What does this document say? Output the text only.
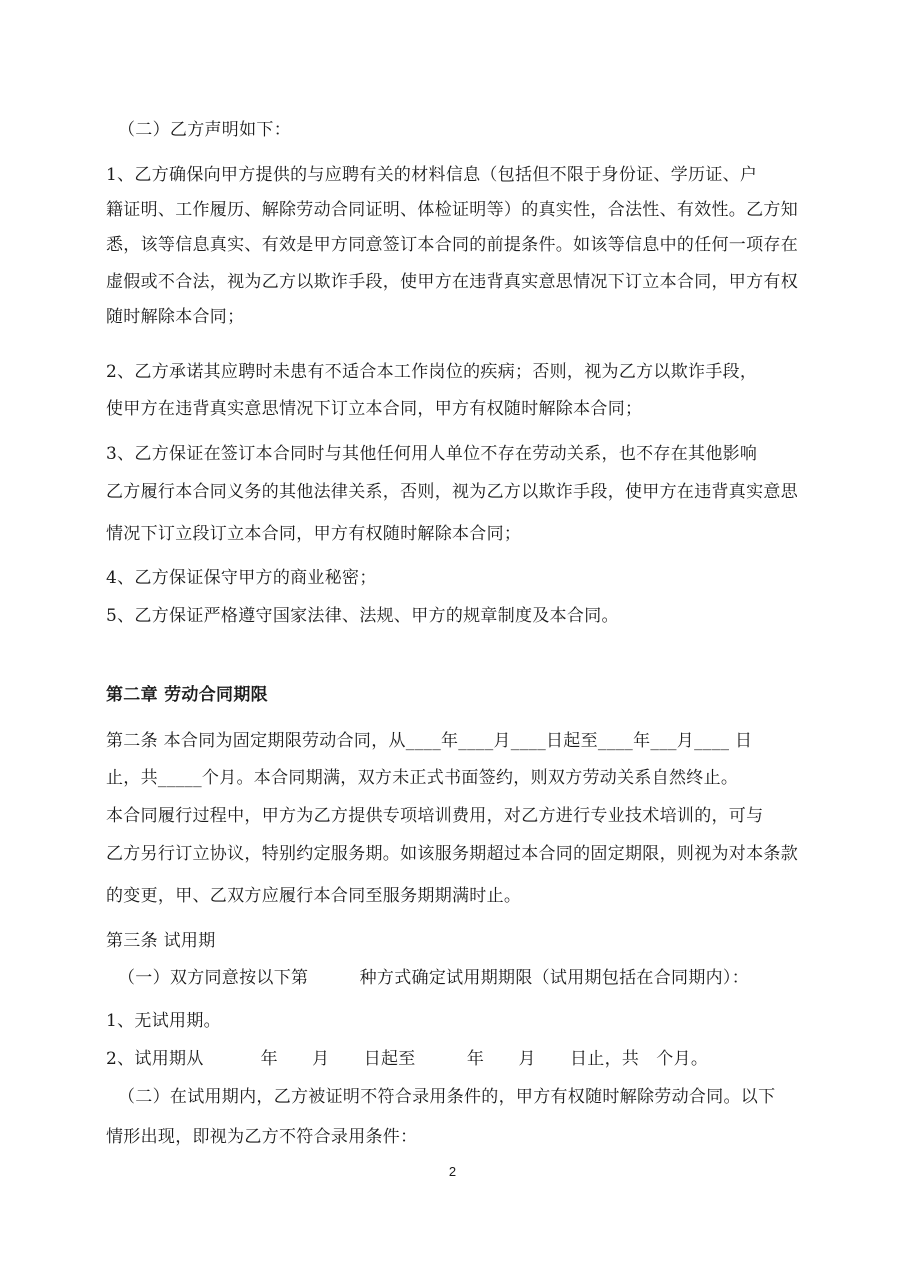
（二）乙方声明如下：
1、乙方确保向甲方提供的与应聘有关的材料信息（包括但不限于身份证、学历证、户
籍证明、工作履历、解除劳动合同证明、体检证明等）的真实性，合法性、有效性。乙方知
悉，该等信息真实、有效是甲方同意签订本合同的前提条件。如该等信息中的任何一项存在
虚假或不合法，视为乙方以欺诈手段，使甲方在违背真实意思情况下订立本合同，甲方有权
随时解除本合同；
2、乙方承诺其应聘时未患有不适合本工作岗位的疾病；否则，视为乙方以欺诈手段，
使甲方在违背真实意思情况下订立本合同，甲方有权随时解除本合同；
3、乙方保证在签订本合同时与其他任何用人单位不存在劳动关系，也不存在其他影响
乙方履行本合同义务的其他法律关系，否则，视为乙方以欺诈手段，使甲方在违背真实意思
情况下订立段订立本合同，甲方有权随时解除本合同；
4、乙方保证保守甲方的商业秘密；
5、乙方保证严格遵守国家法律、法规、甲方的规章制度及本合同。
第二章 劳动合同期限
第二条 本合同为固定期限劳动合同，从____年____月____日起至____年___月____ 日
止，共_____个月。本合同期满，双方未正式书面签约，则双方劳动关系自然终止。
本合同履行过程中，甲方为乙方提供专项培训费用，对乙方进行专业技术培训的，可与
乙方另行订立协议，特别约定服务期。如该服务期超过本合同的固定期限，则视为对本条款
的变更，甲、乙双方应履行本合同至服务期期满时止。
第三条 试用期
（一）双方同意按以下第         种方式确定试用期期限（试用期包括在合同期内）：
1、无试用期。
2、试用期从          年      月      日起至         年      月      日止，共   个月。
（二）在试用期内，乙方被证明不符合录用条件的，甲方有权随时解除劳动合同。以下
情形出现，即视为乙方不符合录用条件：
2
